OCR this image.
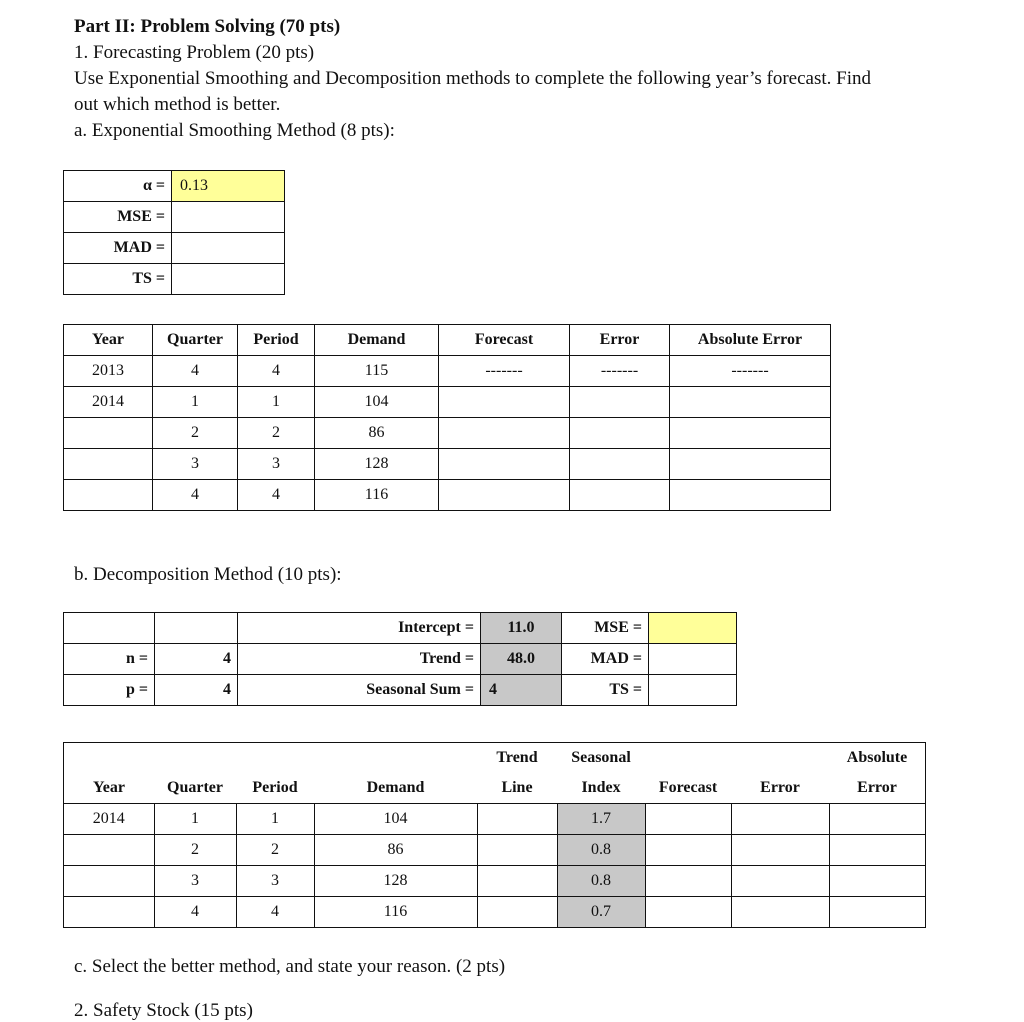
Part II: Problem Solving (70 pts)
1. Forecasting Problem (20 pts)
Use Exponential Smoothing and Decomposition methods to complete the following year’s forecast. Find
out which method is better.
a. Exponential Smoothing Method (8 pts):
α =	0.13
MSE =	
MAD =	
TS =	
Year	Quarter	Period	Demand	Forecast	Error	Absolute Error
2013	4	4	115	-------	-------	-------
2014	1	1	104			
	2	2	86			
	3	3	128			
	4	4	116			
b. Decomposition Method (10 pts):
		Intercept =	11.0	MSE =	
n =	4	Trend =	48.0	MAD =	
p =	4	Seasonal Sum =	4	TS =	
				Trend	Seasonal			Absolute
Year	Quarter	Period	Demand	Line	Index	Forecast	Error	Error
2014	1	1	104		1.7			
	2	2	86		0.8			
	3	3	128		0.8			
	4	4	116		0.7			
c. Select the better method, and state your reason. (2 pts)
2. Safety Stock (15 pts)
